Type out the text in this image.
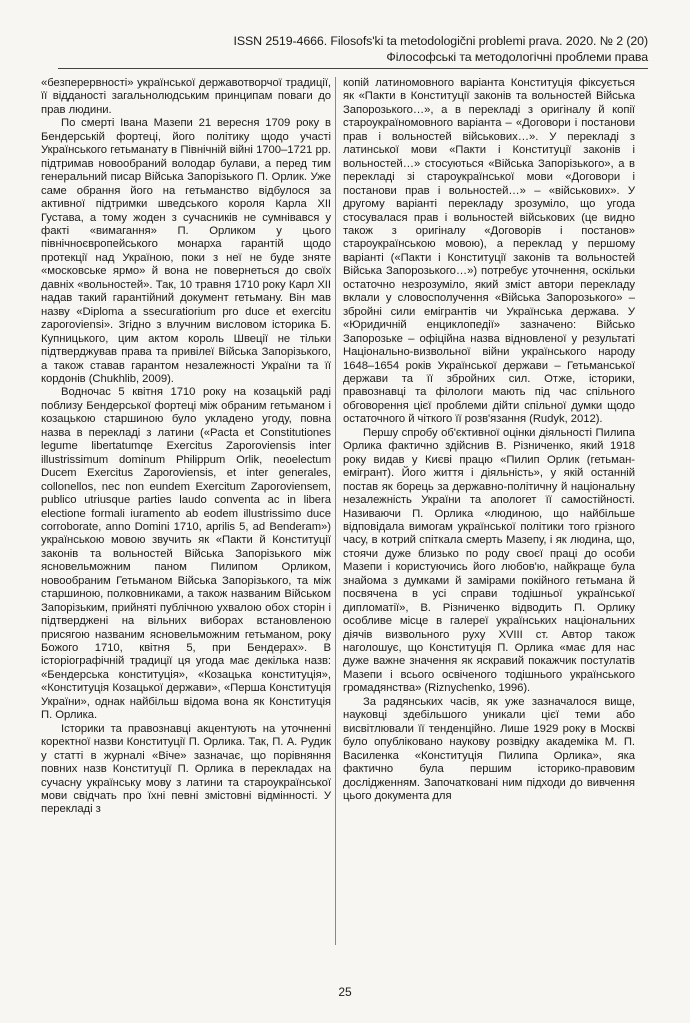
ISSN 2519-4666. Filosofs'ki ta metodologični problemi prava. 2020. № 2 (20)
Філософські та методологічні проблеми права

«безперервності» української державотворчої традиції, її відданості загальнолюдським принципам поваги до прав людини.

По смерті Івана Мазепи 21 вересня 1709 року в Бендерській фортеці, його політику щодо участі Українського гетьманату в Північній війні 1700–1721 рр. підтримав новообраний володар булави, а перед тим генеральний писар Війська Запорізького П. Орлик. Уже саме обрання його на гетьманство відбулося за активної підтримки шведського короля Карла XII Густава, а тому жоден з сучасників не сумнівався у факті «вимагання» П. Орликом у цього північноєвропейського монарха гарантій щодо протекції над Україною, поки з неї не буде зняте «московське ярмо» й вона не повернеться до своїх давніх «вольностей». Так, 10 травня 1710 року Карл XII надав такий гарантійний документ гетьману. Він мав назву «Diploma a sseсuratiorium pro duce et exercitu zaporoviensi». Згідно з влучним висловом історика Б. Купницького, цим актом король Швеції не тільки підтверджував права та привілеї Війська Запорізького, а також ставав гарантом незалежності України та її кордонів (Chukhlib, 2009).

Водночас 5 квітня 1710 року на козацькій раді поблизу Бендерської фортеці між обраним гетьманом і козацькою старшиною було укладено угоду, повна назва в перекладі з латини («Pacta et Constitutiones legume libertatumqe Exercitus Zaporoviensis inter illustrissimum dominum Philippum Orlik, neoelectum Ducem Exercitus Zaporoviensis, et inter generales, collonellos, nec non eundem Exercitum Zaporoviensem, publico utriusque parties laudo conventa ac in libera electione formali iuramento ab eodem illustrissimo duce corroborate, anno Domini 1710, aprilis 5, ad Benderam») українською мовою звучить як «Пакти й Конституції законів та вольностей Війська Запорізького між ясновельможним паном Пилипом Орликом, новообраним Гетьманом Війська Запорізького, та між старшиною, полковниками, а також названим Військом Запорізьким, прийняті публічною ухвалою обох сторін і підтверджені на вільних виборах встановленою присягою названим ясновельможним гетьманом, року Божого 1710, квітня 5, при Бендерах». В історіографічній традиції ця угода має декілька назв: «Бендерська конституція», «Козацька конституція», «Конституція Козацької держави», «Перша Конституція України», однак найбільш відома вона як Конституція П. Орлика.

Історики та правознавці акцентують на уточненні коректної назви Конституції П. Орлика. Так, П. А. Рудик у статті в журналі «Віче» зазначає, що порівняння повних назв Конституції П. Орлика в перекладах на сучасну українську мову з латини та староукраїнської мови свідчать про їхні певні змістовні відмінності. У перекладі з

копій латиномовного варіанта Конституція фіксується як «Пакти в Конституції законів та вольностей Війська Запорозького…», а в перекладі з оригіналу й копії староукраїномовного варіанта – «Договори і постанови прав і вольностей військових…». У перекладі з латинської мови «Пакти і Конституції законів і вольностей…» стосуються «Війська Запорізького», а в перекладі зі староукраїнської мови «Договори і постанови прав і вольностей…» – «військових». У другому варіанті перекладу зрозуміло, що угода стосувалася прав і вольностей військових (це видно також з оригіналу «Договорів і постанов» староукраїнською мовою), а переклад у першому варіанті («Пакти і Конституції законів та вольностей Війська Запорозького…») потребує уточнення, оскільки остаточно незрозуміло, який зміст автори перекладу вклали у словосполучення «Війська Запорозького» – збройні сили емігрантів чи Українська держава. У «Юридичній енциклопедії» зазначено: Військо Запорозьке – офіційна назва відновленої у результаті Національно-визвольної війни українського народу 1648–1654 років Української держави – Гетьманської держави та її збройних сил. Отже, історики, правознавці та філологи мають під час спільного обговорення цієї проблеми дійти спільної думки щодо остаточного й чіткого її розв'язання (Rudyk, 2012).

Першу спробу об'єктивної оцінки діяльності Пилипа Орлика фактично здійснив В. Різниченко, який 1918 року видав у Києві працю «Пилип Орлик (гетьман-емігрант). Його життя і діяльність», у якій останній постав як борець за державно-політичну й національну незалежність України та апологет її самостійності. Називаючи П. Орлика «людиною, що найбільше відповідала вимогам української політики того грізного часу, в котрий спіткала смерть Мазепу, і як людина, що, стоячи дуже близько по роду своєї праці до особи Мазепи і користуючись його любов'ю, найкраще була знайома з думками й замірами покійного гетьмана й посвячена в усі справи тодішньої української дипломатії», В. Різниченко відводить П. Орлику особливе місце в галереї українських національних діячів визвольного руху XVIII ст. Автор також наголошує, що Конституція П. Орлика «має для нас дуже важне значення як яскравий покажчик постулатів Мазепи і всього освіченого тодішнього українського громадянства» (Riznychenko, 1996).

За радянських часів, як уже зазначалося вище, науковці здебільшого уникали цієї теми або висвітлювали її тенденційно. Лише 1929 року в Москві було опубліковано наукову розвідку академіка М. П. Василенка «Конституція Пилипа Орлика», яка фактично була першим історико-правовим дослідженням. Започатковані ним підходи до вивчення цього документа для

25
